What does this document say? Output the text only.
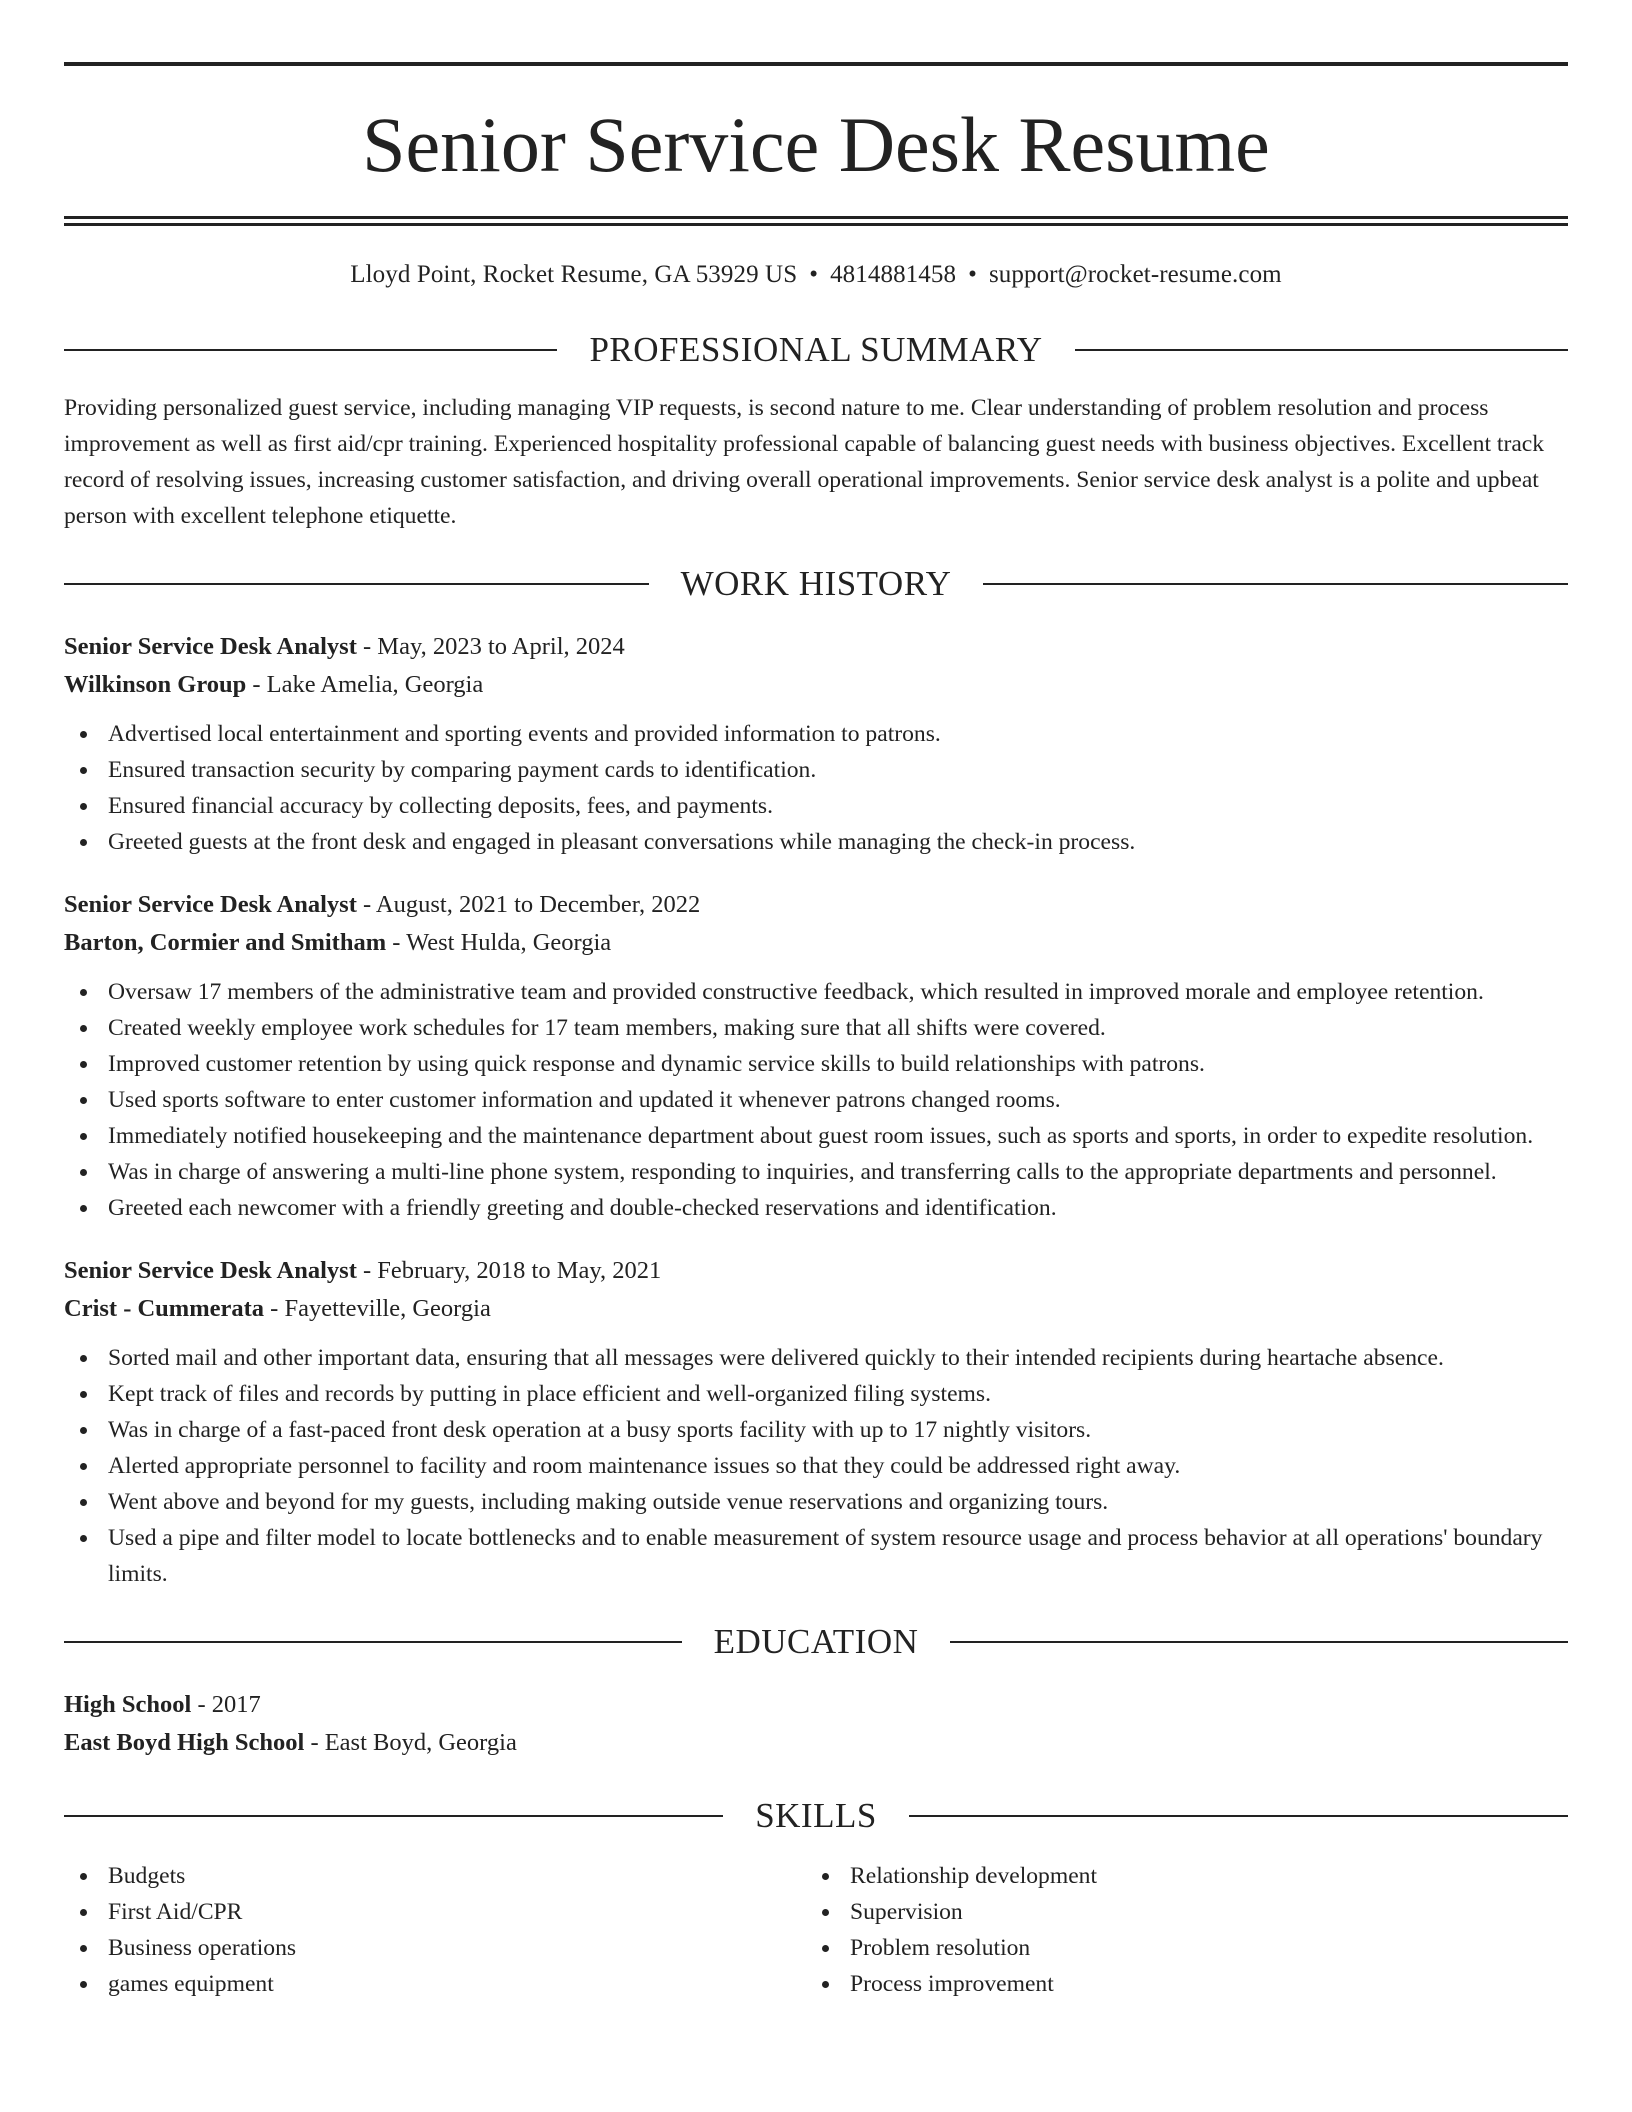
Senior Service Desk Resume
Lloyd Point, Rocket Resume, GA 53929 US • 4814881458 • support@rocket-resume.com
PROFESSIONAL SUMMARY

Providing personalized guest service, including managing VIP requests, is second nature to me. Clear understanding of problem resolution and process improvement as well as first aid/cpr training. Experienced hospitality professional capable of balancing guest needs with business objectives. Excellent track record of resolving issues, increasing customer satisfaction, and driving overall operational improvements. Senior service desk analyst is a polite and upbeat person with excellent telephone etiquette.

WORK HISTORY
Senior Service Desk Analyst - May, 2023 to April, 2024
Wilkinson Group - Lake Amelia, Georgia
Advertised local entertainment and sporting events and provided information to patrons.
Ensured transaction security by comparing payment cards to identification.
Ensured financial accuracy by collecting deposits, fees, and payments.
Greeted guests at the front desk and engaged in pleasant conversations while managing the check-in process.
Senior Service Desk Analyst - August, 2021 to December, 2022
Barton, Cormier and Smitham - West Hulda, Georgia
Oversaw 17 members of the administrative team and provided constructive feedback, which resulted in improved morale and employee retention.
Created weekly employee work schedules for 17 team members, making sure that all shifts were covered.
Improved customer retention by using quick response and dynamic service skills to build relationships with patrons.
Used sports software to enter customer information and updated it whenever patrons changed rooms.
Immediately notified housekeeping and the maintenance department about guest room issues, such as sports and sports, in order to expedite resolution.
Was in charge of answering a multi-line phone system, responding to inquiries, and transferring calls to the appropriate departments and personnel.
Greeted each newcomer with a friendly greeting and double-checked reservations and identification.
Senior Service Desk Analyst - February, 2018 to May, 2021
Crist - Cummerata - Fayetteville, Georgia
Sorted mail and other important data, ensuring that all messages were delivered quickly to their intended recipients during heartache absence.
Kept track of files and records by putting in place efficient and well-organized filing systems.
Was in charge of a fast-paced front desk operation at a busy sports facility with up to 17 nightly visitors.
Alerted appropriate personnel to facility and room maintenance issues so that they could be addressed right away.
Went above and beyond for my guests, including making outside venue reservations and organizing tours.
Used a pipe and filter model to locate bottlenecks and to enable measurement of system resource usage and process behavior at all operations' boundary limits.
EDUCATION
High School - 2017
East Boyd High School - East Boyd, Georgia
SKILLS
Budgets
First Aid/CPR
Business operations
games equipment
Relationship development
Supervision
Problem resolution
Process improvement
